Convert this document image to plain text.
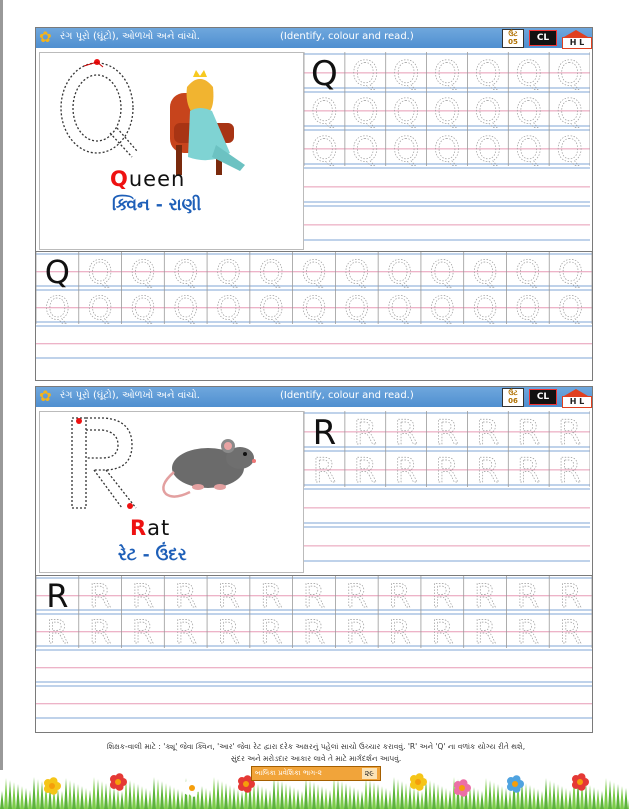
✿ રંગ પૂરો (ઘૂંટો), ઓળખો અને વાંચો.	(Identify, colour and read.)	ઉંટ 05	CL	H L
Queen
ક્વિન - રાણી
Q Q Q Q Q Q Q
Q Q Q Q Q Q Q
Q Q Q Q Q Q Q
Q Q Q Q Q Q Q Q Q Q Q Q Q
Q Q Q Q Q Q Q Q Q Q Q Q Q
✿ રંગ પૂરો (ઘૂંટો), ઓળખો અને વાંચો.	(Identify, colour and read.)	ઉંટ 06	CL	H L
Rat
રેટ - ઉંદર
R R R R R R R
R R R R R R R
R R R R R R R R R R R R R
R R R R R R R R R R R R R
શિક્ષક-વાલી માટે : 'ક્યૂ' જેવા ક્વિન, 'આર' જેવા રેટ દ્વારા દરેક અક્ષરનું પહેલાં સાચો ઉચ્ચાર કરાવવું. 'R' અને 'Q' ના વળાંક યોગ્ય રીતે થશે,
સુંદર અને મરોડદાર આકાર લાવે તે માટે માર્ગદર્શન આપવું.
બાલિકા પ્રવેશિકા ભાગ-૨	૨૯
